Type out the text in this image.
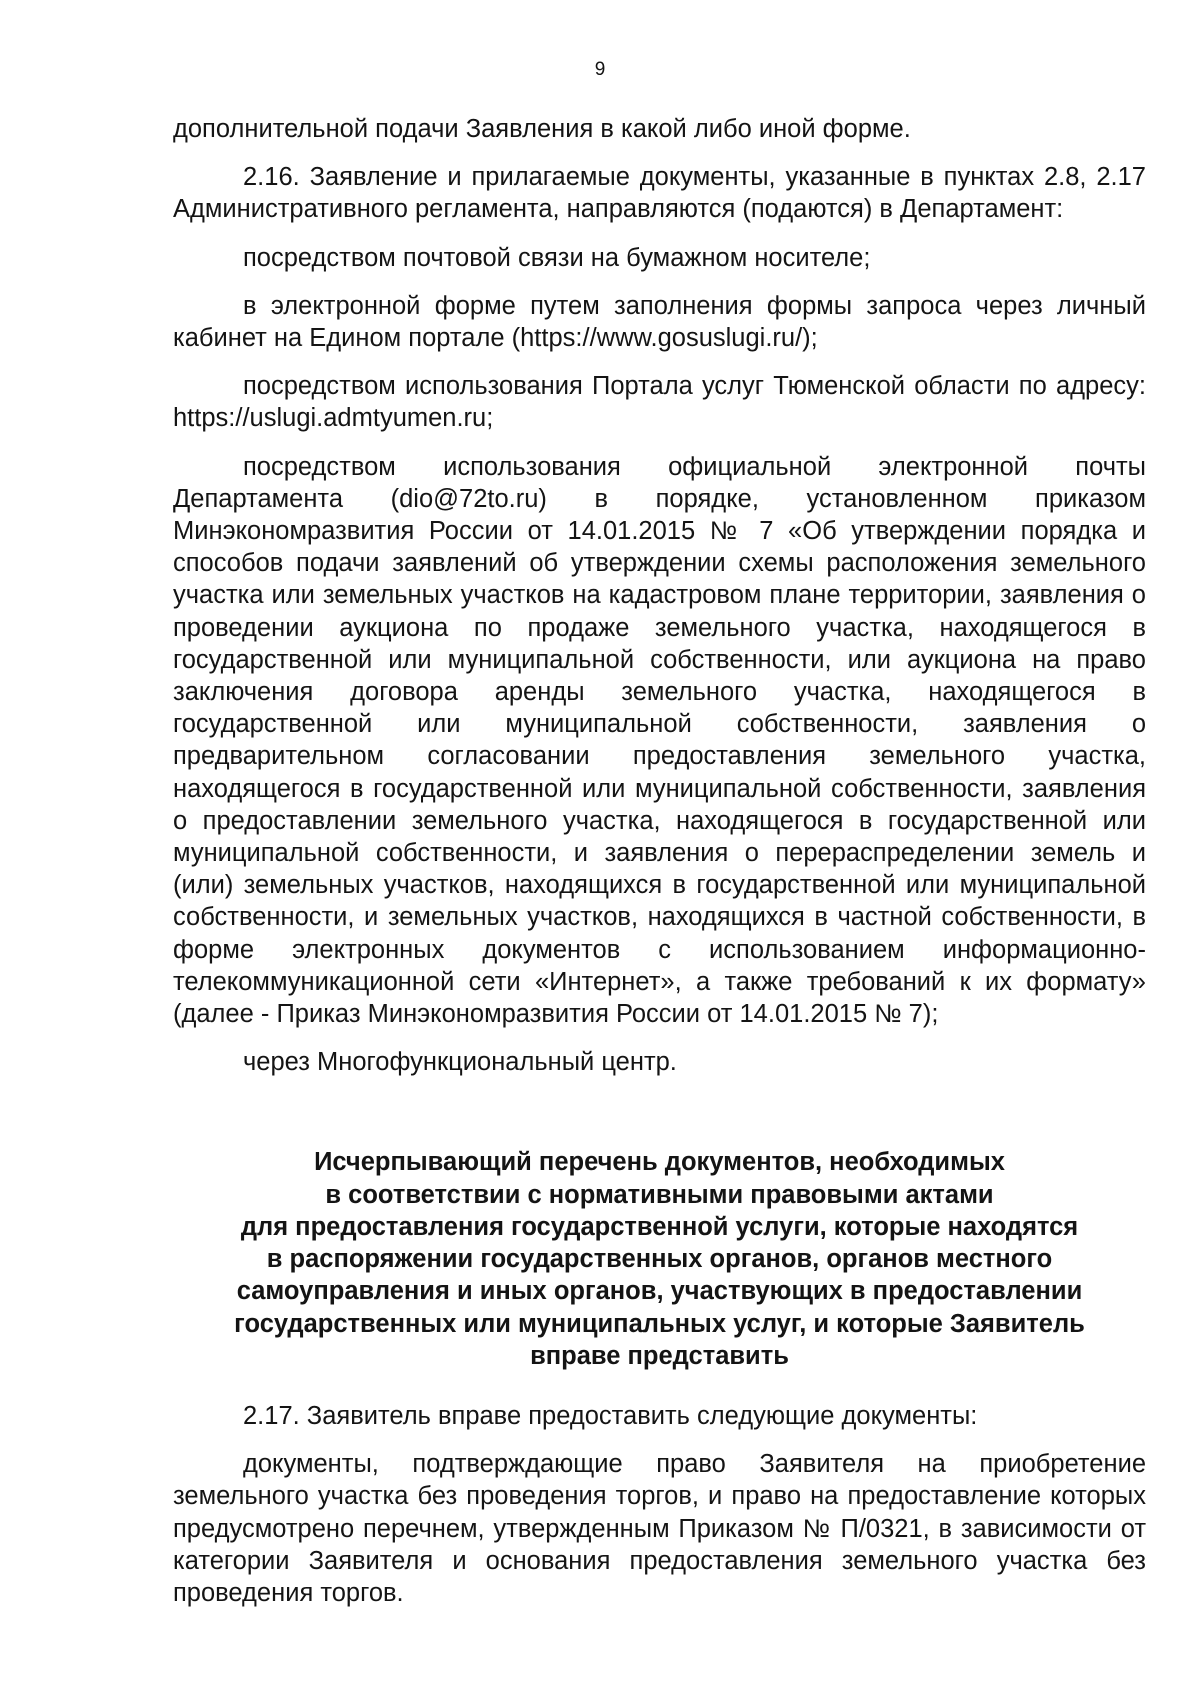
9

дополнительной подачи Заявления в какой либо иной форме.

2.16. Заявление и прилагаемые документы, указанные в пунктах 2.8, 2.17 Административного регламента, направляются (подаются) в Департамент:

посредством почтовой связи на бумажном носителе;

в электронной форме путем заполнения формы запроса через личный кабинет на Едином портале (https://www.gosuslugi.ru/);

посредством использования Портала услуг Тюменской области по адресу: https://uslugi.admtyumen.ru;

посредством использования официальной электронной почты Департамента (dio@72to.ru) в порядке, установленном приказом Минэкономразвития России от 14.01.2015 № 7 «Об утверждении порядка и способов подачи заявлений об утверждении схемы расположения земельного участка или земельных участков на кадастровом плане территории, заявления о проведении аукциона по продаже земельного участка, находящегося в государственной или муниципальной собственности, или аукциона на право заключения договора аренды земельного участка, находящегося в государственной или муниципальной собственности, заявления о предварительном согласовании предоставления земельного участка, находящегося в государственной или муниципальной собственности, заявления о предоставлении земельного участка, находящегося в государственной или муниципальной собственности, и заявления о перераспределении земель и (или) земельных участков, находящихся в государственной или муниципальной собственности, и земельных участков, находящихся в частной собственности, в форме электронных документов с использованием информационно-телекоммуникационной сети «Интернет», а также требований к их формату» (далее - Приказ Минэкономразвития России от 14.01.2015 № 7);

через Многофункциональный центр.

Исчерпывающий перечень документов, необходимых
в соответствии с нормативными правовыми актами
для предоставления государственной услуги, которые находятся
в распоряжении государственных органов, органов местного
самоуправления и иных органов, участвующих в предоставлении
государственных или муниципальных услуг, и которые Заявитель
вправе представить

2.17. Заявитель вправе предоставить следующие документы:

документы, подтверждающие право Заявителя на приобретение земельного участка без проведения торгов, и право на предоставление которых предусмотрено перечнем, утвержденным Приказом № П/0321, в зависимости от категории Заявителя и основания предоставления земельного участка без проведения торгов.
